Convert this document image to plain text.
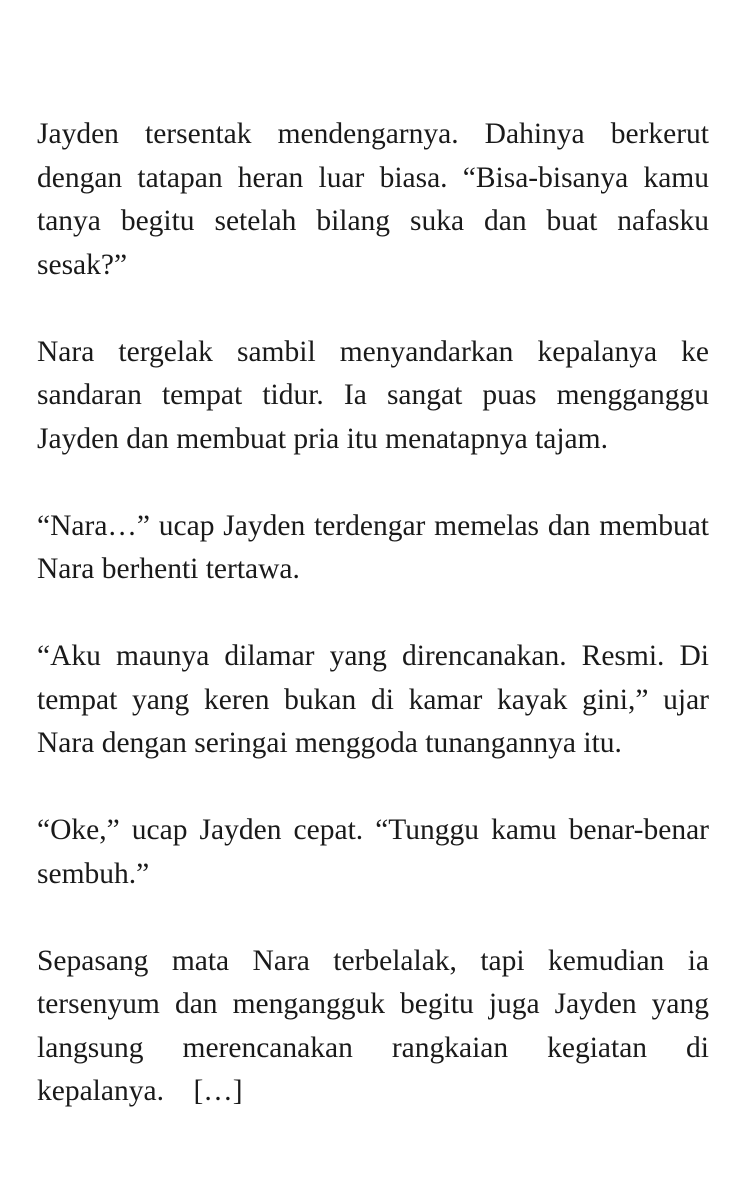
Jayden tersentak mendengarnya. Dahinya berkerut dengan tatapan heran luar biasa. “Bisa-bisanya kamu tanya begitu setelah bilang suka dan buat nafasku sesak?”

Nara tergelak sambil menyandarkan kepalanya ke sandaran tempat tidur. Ia sangat puas mengganggu Jayden dan membuat pria itu menatapnya tajam.

“Nara…” ucap Jayden terdengar memelas dan membuat Nara berhenti tertawa.

“Aku maunya dilamar yang direncanakan. Resmi. Di tempat yang keren bukan di kamar kayak gini,” ujar Nara dengan seringai menggoda tunangannya itu.

“Oke,” ucap Jayden cepat. “Tunggu kamu benar-benar sembuh.”

Sepasang mata Nara terbelalak, tapi kemudian ia tersenyum dan mengangguk begitu juga Jayden yang langsung merencanakan rangkaian kegiatan di kepalanya.    […]
